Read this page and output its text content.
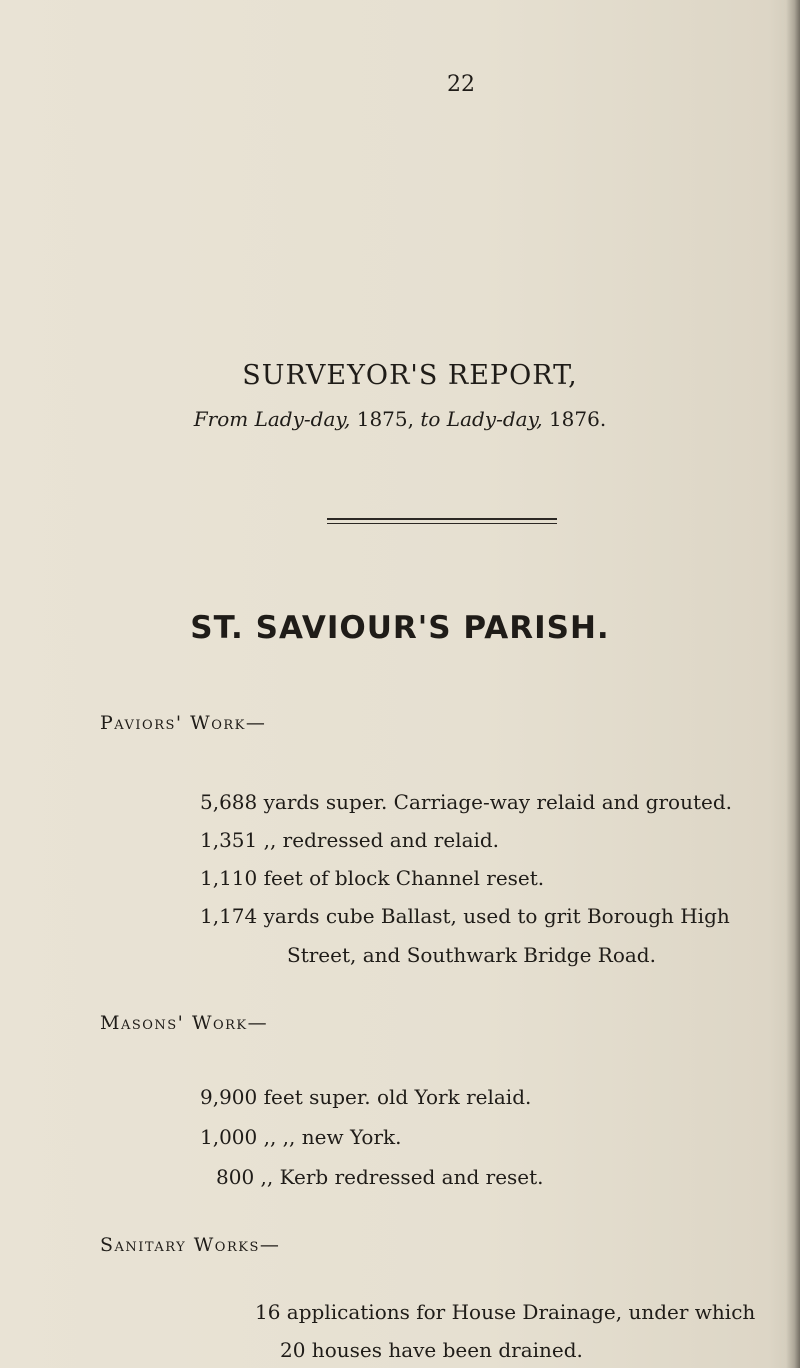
22
SURVEYOR'S REPORT,
From Lady-day, 1875, to Lady-day, 1876.
ST. SAVIOUR'S PARISH.
Paviors' Work—
5,688 yards super. Carriage-way relaid and grouted.
1,351 ,, redressed and relaid.
1,110 feet of block Channel reset.
1,174 yards cube Ballast, used to grit Borough High
Street, and Southwark Bridge Road.
Masons' Work—
9,900 feet super. old York relaid.
1,000 ,, ,, new York.
800 ,, Kerb redressed and reset.
Sanitary Works—
16 applications for House Drainage, under which
20 houses have been drained.
